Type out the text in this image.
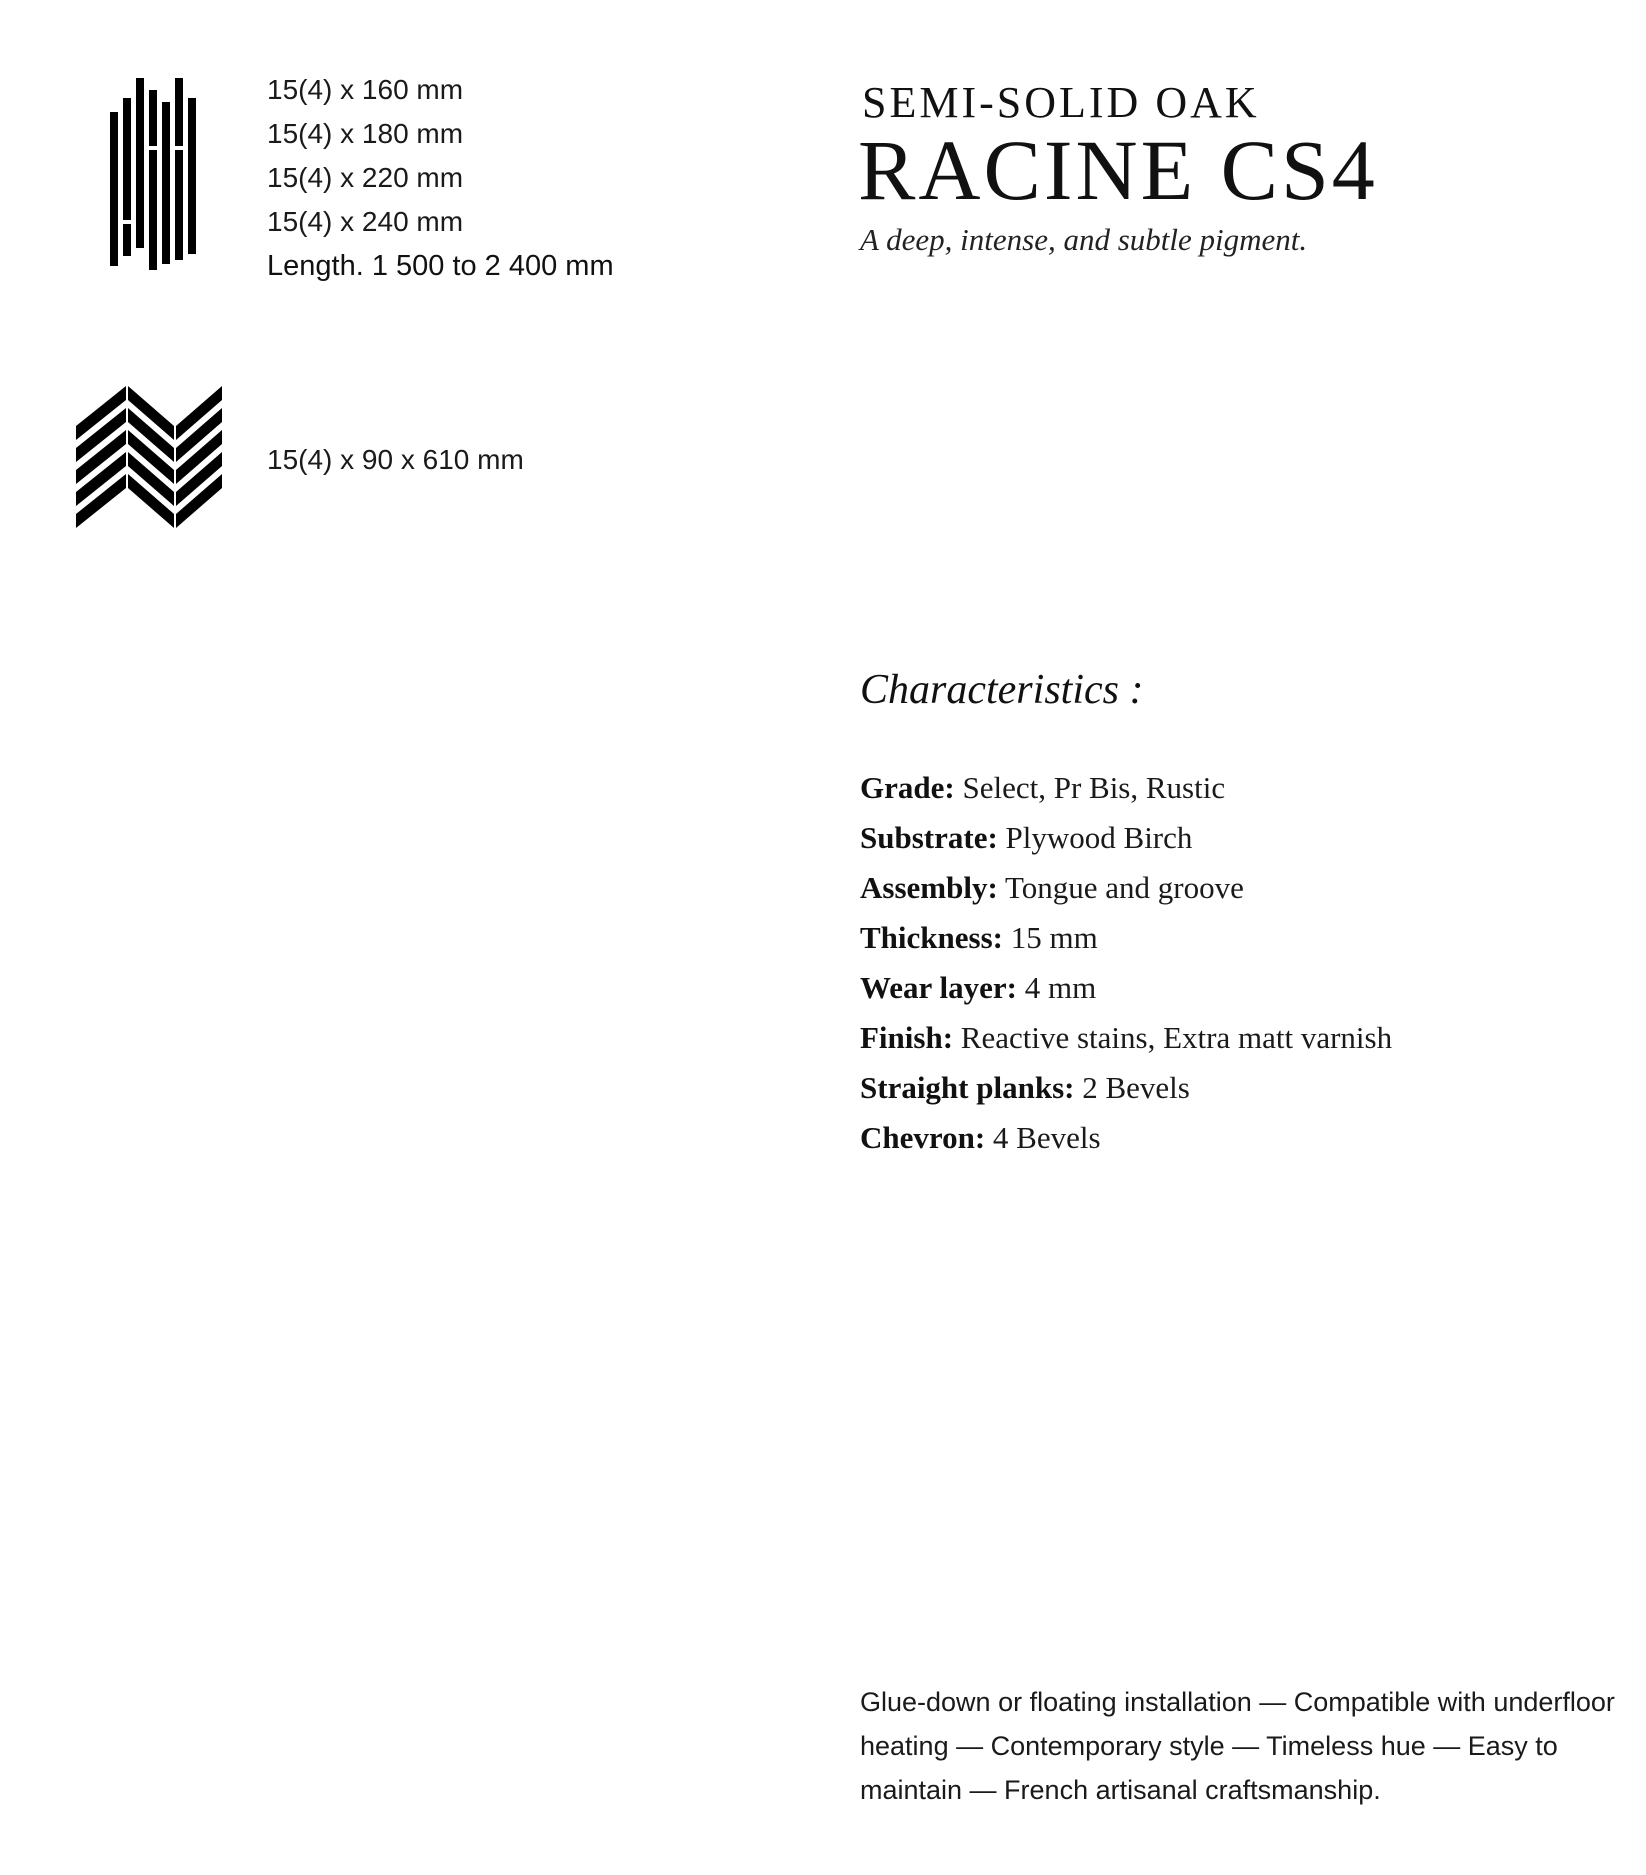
15(4) x 160 mm
15(4) x 180 mm
15(4) x 220 mm
15(4) x 240 mm
Length. 1 500 to 2 400 mm
15(4) x 90 x 610 mm
SEMI-SOLID OAK
RACINE CS4
A deep, intense, and subtle pigment.
Characteristics :
Grade: Select, Pr Bis, Rustic
Substrate: Plywood Birch
Assembly: Tongue and groove
Thickness: 15 mm
Wear layer: 4 mm
Finish: Reactive stains, Extra matt varnish
Straight planks: 2 Bevels
Chevron: 4 Bevels
Glue-down or floating installation — Compatible with underfloor heating — Contemporary style — Timeless hue — Easy to maintain — French artisanal craftsmanship.
